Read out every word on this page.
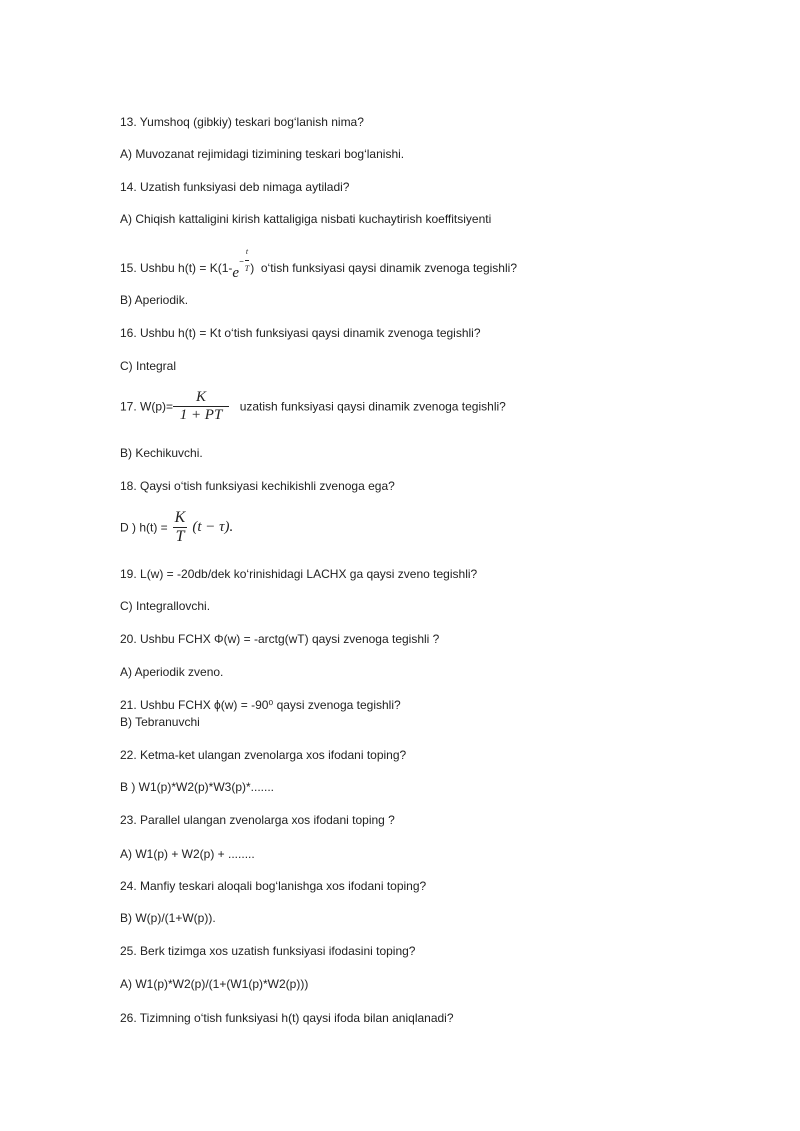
13. Yumshoq (gibkiy) teskari bog‘lanish nima?
A) Muvozanat rejimidagi tizimining teskari bog‘lanishi.
14. Uzatish funksiyasi deb nimaga aytiladi?
A) Chiqish kattaligini kirish kattaligiga nisbati kuchaytirish koeffitsiyenti
15. Ushbu $h(t) = K(1-e- \frac{t}{T}$ ) o‘tish funksiyasi qaysi dinamik zvenoga tegishli?
B) Aperiodik.
16. Ushbu h(t) = Kt o‘tish funksiyasi qaysi dinamik zvenoga tegishli?
C) Integral
17. $W(p)= \frac{K}{1 + PT}$ uzatish funksiyasi qaysi dinamik zvenoga tegishli?
B) Kechikuvchi.
18. Qaysi o‘tish funksiyasi kechikishli zvenoga ega?
D ) $h(t) = \frac{K}{T} (t - \tau)$.
19. L(w) = -20db/dek ko‘rinishidagi LACHX ga qaysi zveno tegishli?
C) Integrallovchi.
20. Ushbu FCHX Φ(w) = -arctg(wT) qaysi zvenoga tegishli ?
A) Aperiodik zveno.
21. Ushbu FCHX ϕ(w) = -90⁰ qaysi zvenoga tegishli?
B) Tebranuvchi
22. Ketma-ket ulangan zvenolarga xos ifodani toping?
B ) W1(p)*W2(p)*W3(p)*.......
23. Parallel ulangan zvenolarga xos ifodani toping ?
A) W1(p) + W2(p) + ........
24. Manfiy teskari aloqali bog‘lanishga xos ifodani toping?
B) W(p)/(1+W(p)).
25. Berk tizimga xos uzatish funksiyasi ifodasini toping?
A) W1(p)*W2(p)/(1+(W1(p)*W2(p)))
26. Tizimning o‘tish funksiyasi h(t) qaysi ifoda bilan aniqlanadi?
